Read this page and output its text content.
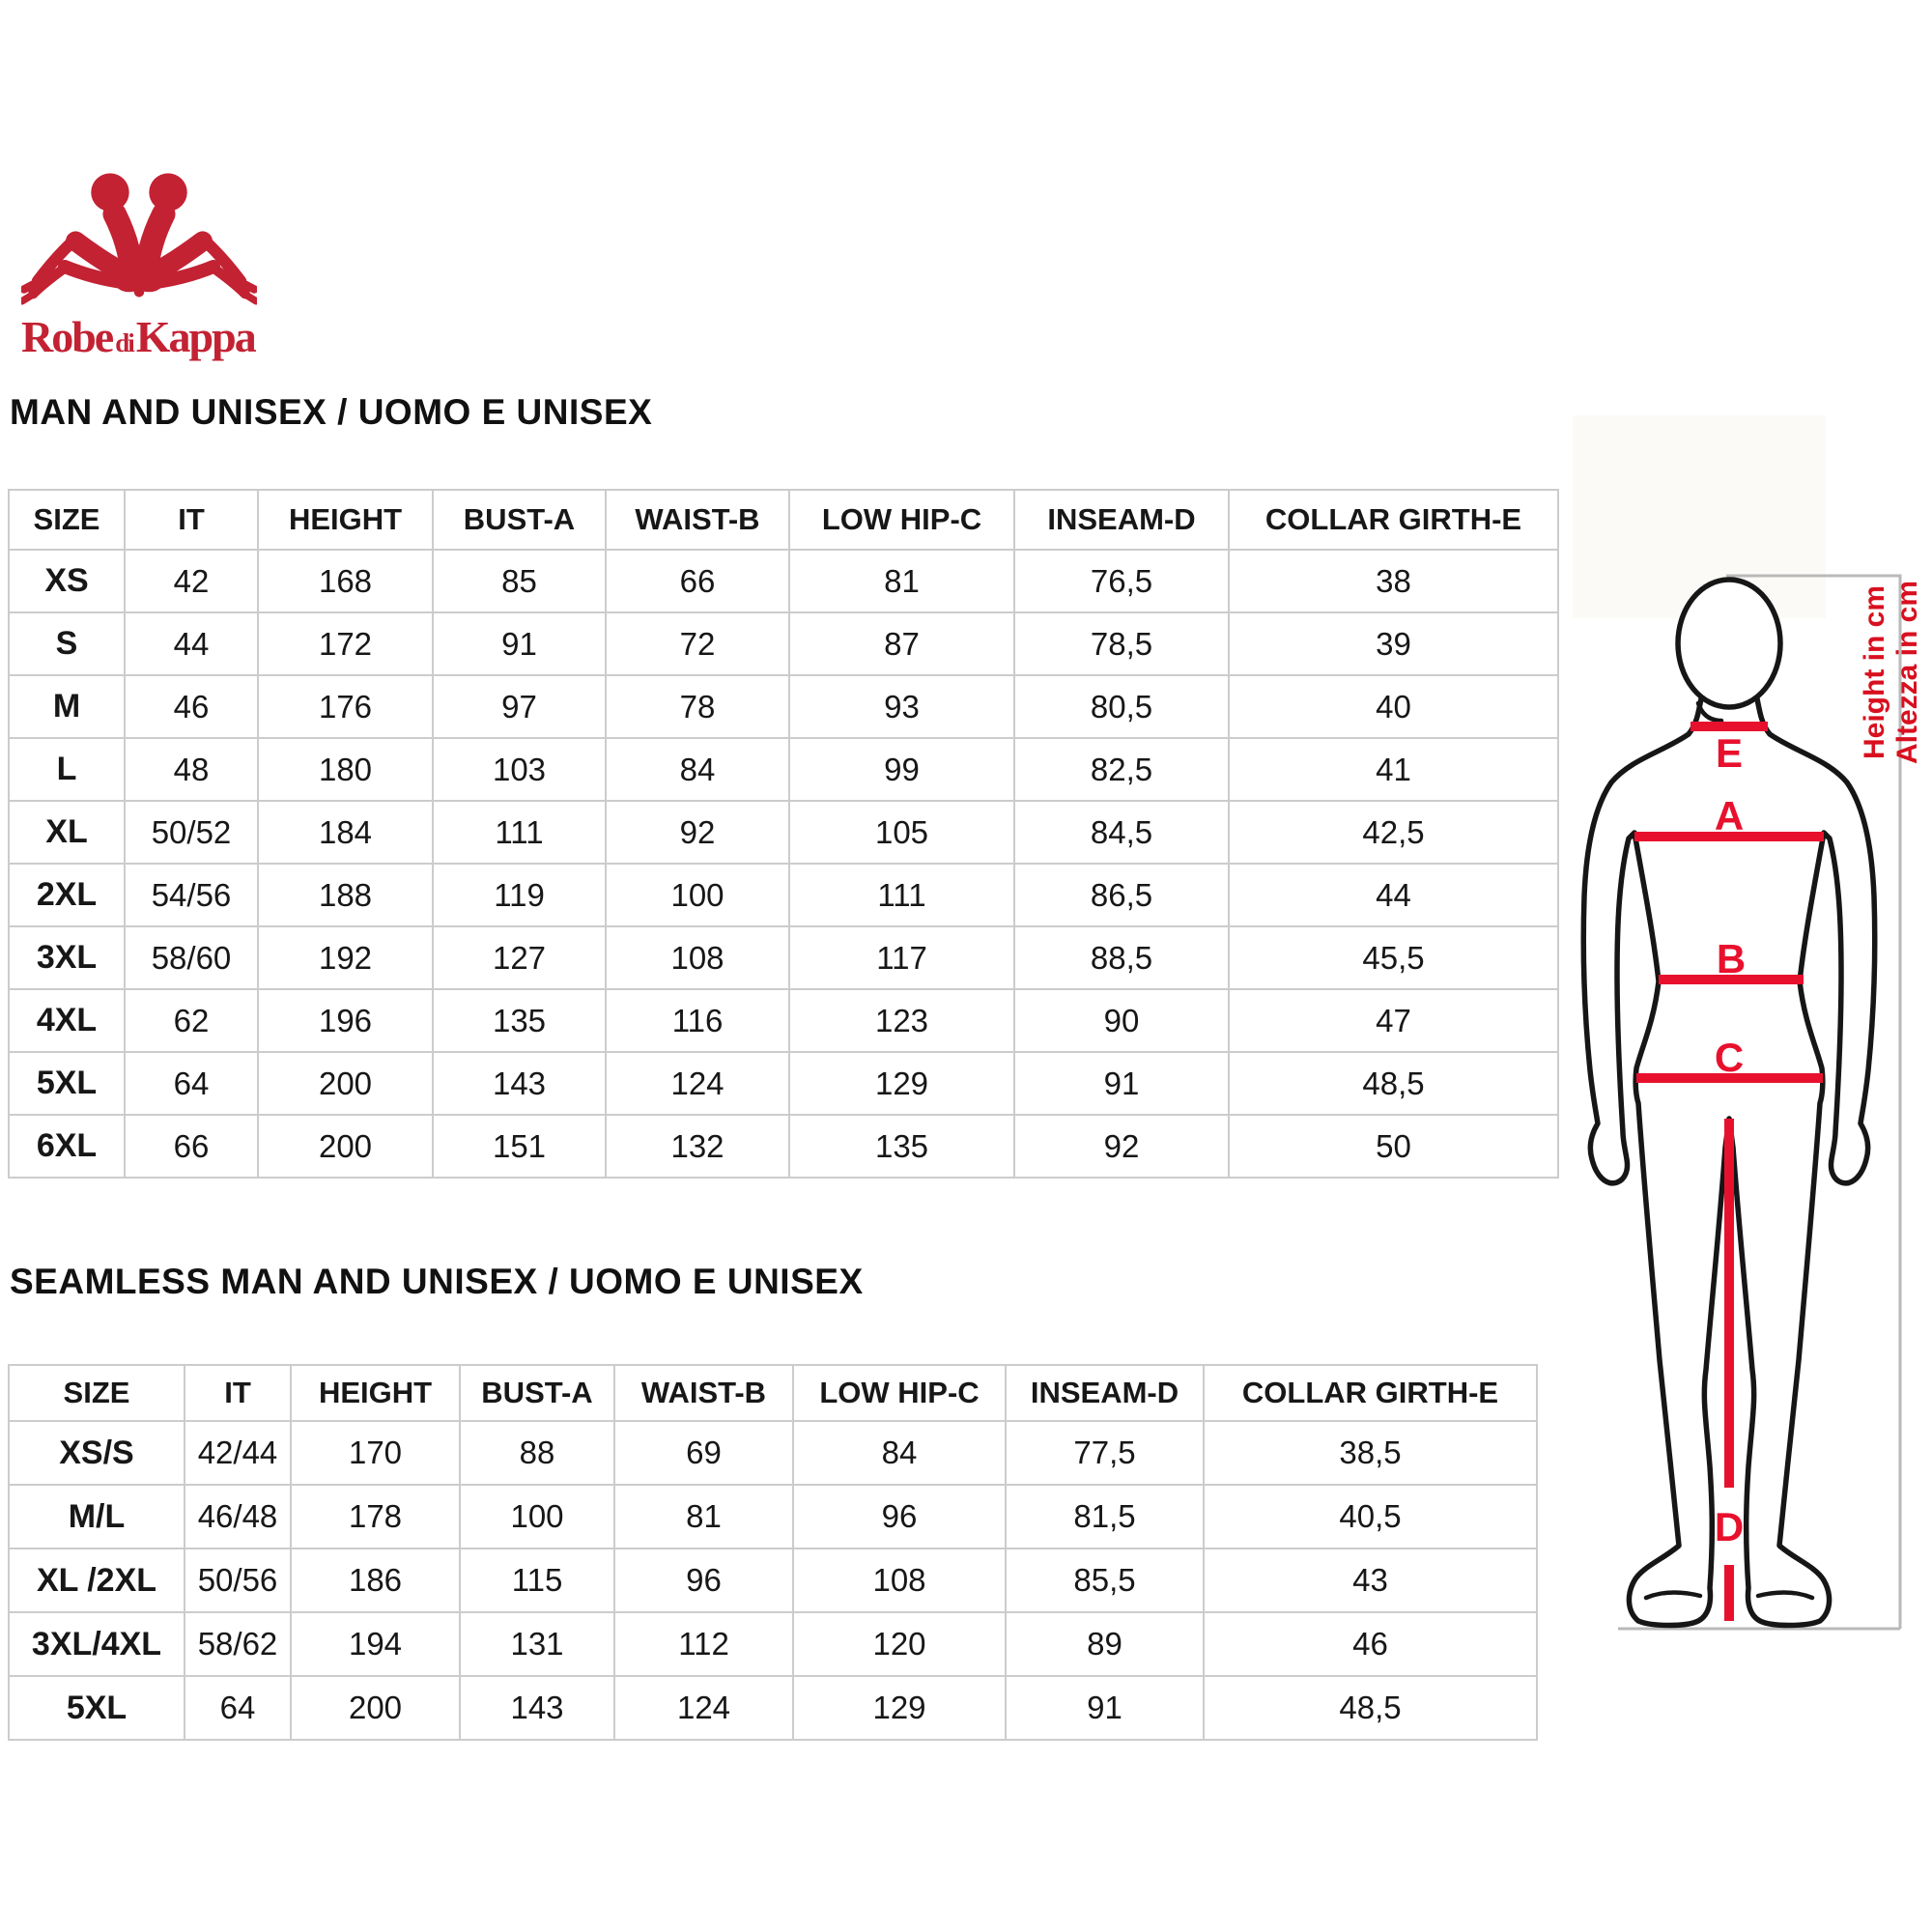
Robe diKappa
MAN AND UNISEX / UOMO E UNISEX
SIZE	IT	HEIGHT	BUST-A	WAIST-B	LOW HIP-C	INSEAM-D	COLLAR GIRTH-E
XS	42	168	85	66	81	76,5	38
S	44	172	91	72	87	78,5	39
M	46	176	97	78	93	80,5	40
L	48	180	103	84	99	82,5	41
XL	50/52	184	111	92	105	84,5	42,5
2XL	54/56	188	119	100	111	86,5	44
3XL	58/60	192	127	108	117	88,5	45,5
4XL	62	196	135	116	123	90	47
5XL	64	200	143	124	129	91	48,5
6XL	66	200	151	132	135	92	50
SEAMLESS MAN AND UNISEX / UOMO E UNISEX
SIZE	IT	HEIGHT	BUST-A	WAIST-B	LOW HIP-C	INSEAM-D	COLLAR GIRTH-E
XS/S	42/44	170	88	69	84	77,5	38,5
M/L	46/48	178	100	81	96	81,5	40,5
XL /2XL	50/56	186	115	96	108	85,5	43
3XL/4XL	58/62	194	131	112	120	89	46
5XL	64	200	143	124	129	91	48,5
Height in cm Altezza in cm
E
A
B
C
D
